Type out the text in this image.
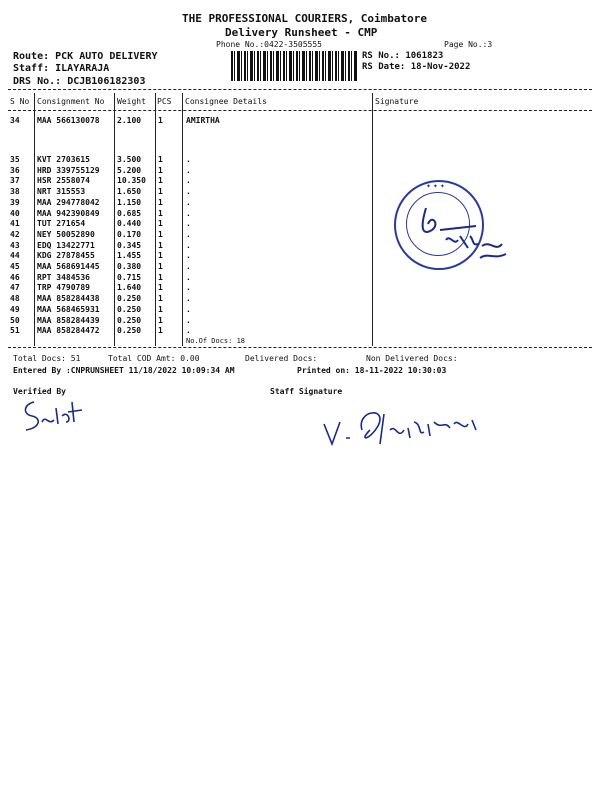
THE PROFESSIONAL COURIERS, Coimbatore
Delivery Runsheet - CMP
Phone No.:0422-3505555	Page No.:3
Route: PCK AUTO DELIVERY
Staff: ILAYARAJA
DRS No.: DCJB106182303
RS No.: 1061823
RS Date: 18-Nov-2022
S No Consignment No Weight PCS Consignee Details	Signature
34 MAA 566130078 2.100 1	AMIRTHA
35 KVT 2703615	3.500 1	.
36 HRD 339755129 5.200 1	.
37 HSR 2558074	10.350 1	.
38 NRT 315553	1.650 1	.
39 MAA 294778042 1.150 1	.
40 MAA 942390849 0.685 1	.
41 TUT 271654	0.440 1	.
42 NEY 50052890	0.170 1	.
43 EDQ 13422771	0.345 1	.
44 KDG 27878455	1.455 1	.
45 MAA 568691445 0.380 1	.
46 RPT 3484536	0.715 1	.
47 TRP 4790789	1.640 1	.
48 MAA 858284438 0.250 1	.
49 MAA 568465931 0.250 1	.
50 MAA 858284439 0.250 1	.
51 MAA 858284472 0.250 1	.
No.Of Docs: 18
✦ ✦ ✦
Total Docs: 51	Total COD Amt: 0.00	Delivered Docs:	Non Delivered Docs:
Entered By :CNPRUNSHEET 11/18/2022 10:09:34 AM	Printed on: 18-11-2022 10:30:03
Verified By	Staff Signature
